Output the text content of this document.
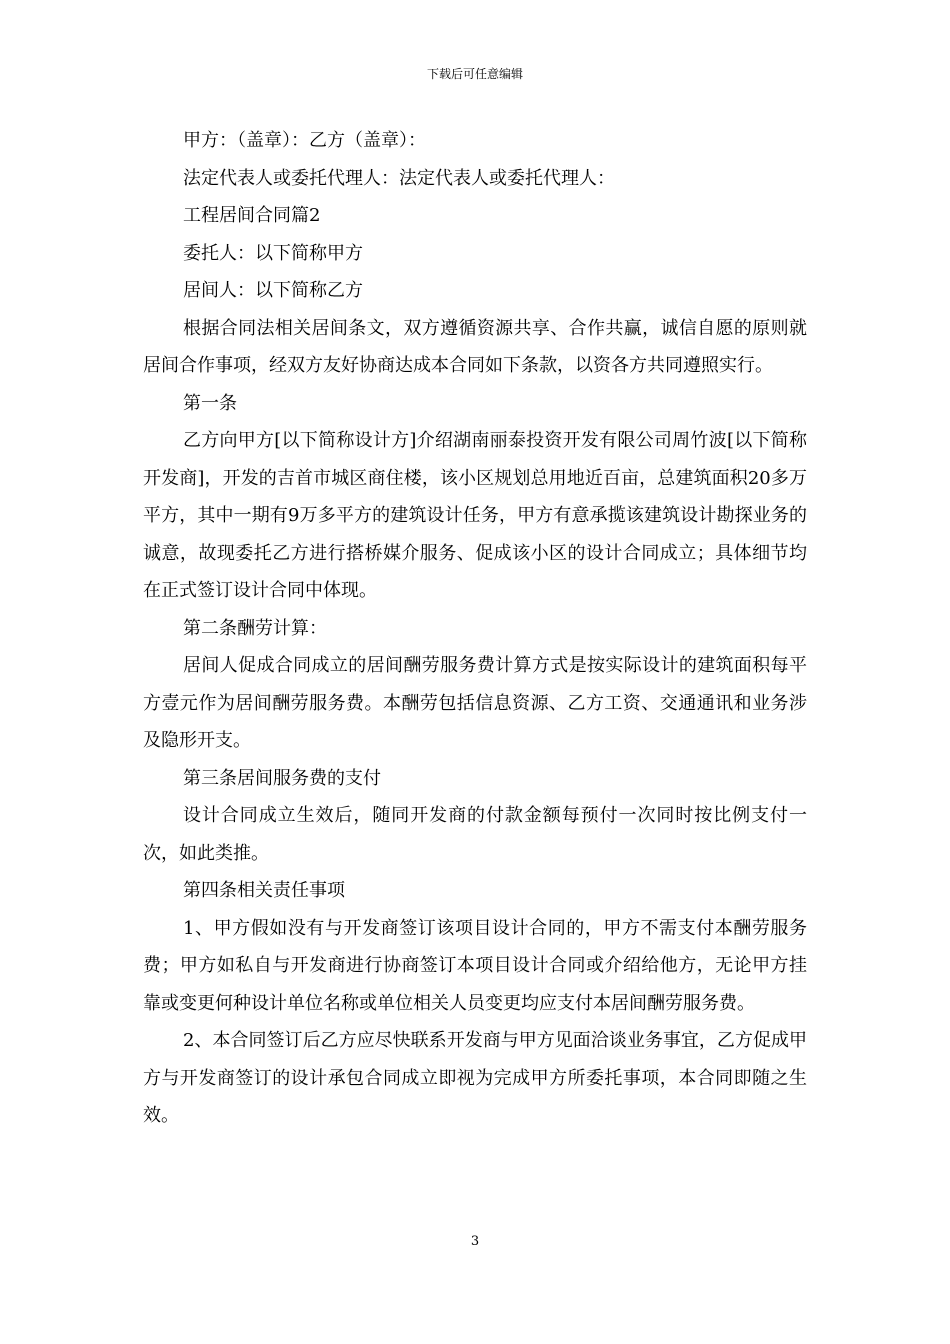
下载后可任意编辑

甲方：（盖章）：乙方（盖章）：

法定代表人或委托代理人：法定代表人或委托代理人：

工程居间合同篇2

委托人：以下简称甲方

居间人：以下简称乙方

根据合同法相关居间条文，双方遵循资源共享、合作共赢，诚信自愿的原则就居间合作事项，经双方友好协商达成本合同如下条款，以资各方共同遵照实行。

第一条

乙方向甲方[以下简称设计方]介绍湖南丽泰投资开发有限公司周竹波[以下简称开发商]，开发的吉首市城区商住楼，该小区规划总用地近百亩，总建筑面积20多万平方，其中一期有9万多平方的建筑设计任务，甲方有意承揽该建筑设计勘探业务的诚意，故现委托乙方进行搭桥媒介服务、促成该小区的设计合同成立；具体细节均在正式签订设计合同中体现。

第二条酬劳计算：

居间人促成合同成立的居间酬劳服务费计算方式是按实际设计的建筑面积每平方壹元作为居间酬劳服务费。本酬劳包括信息资源、乙方工资、交通通讯和业务涉及隐形开支。

第三条居间服务费的支付

设计合同成立生效后，随同开发商的付款金额每预付一次同时按比例支付一次，如此类推。

第四条相关责任事项

1、甲方假如没有与开发商签订该项目设计合同的，甲方不需支付本酬劳服务费；甲方如私自与开发商进行协商签订本项目设计合同或介绍给他方，无论甲方挂靠或变更何种设计单位名称或单位相关人员变更均应支付本居间酬劳服务费。

2、本合同签订后乙方应尽快联系开发商与甲方见面洽谈业务事宜，乙方促成甲方与开发商签订的设计承包合同成立即视为完成甲方所委托事项，本合同即随之生效。

3
